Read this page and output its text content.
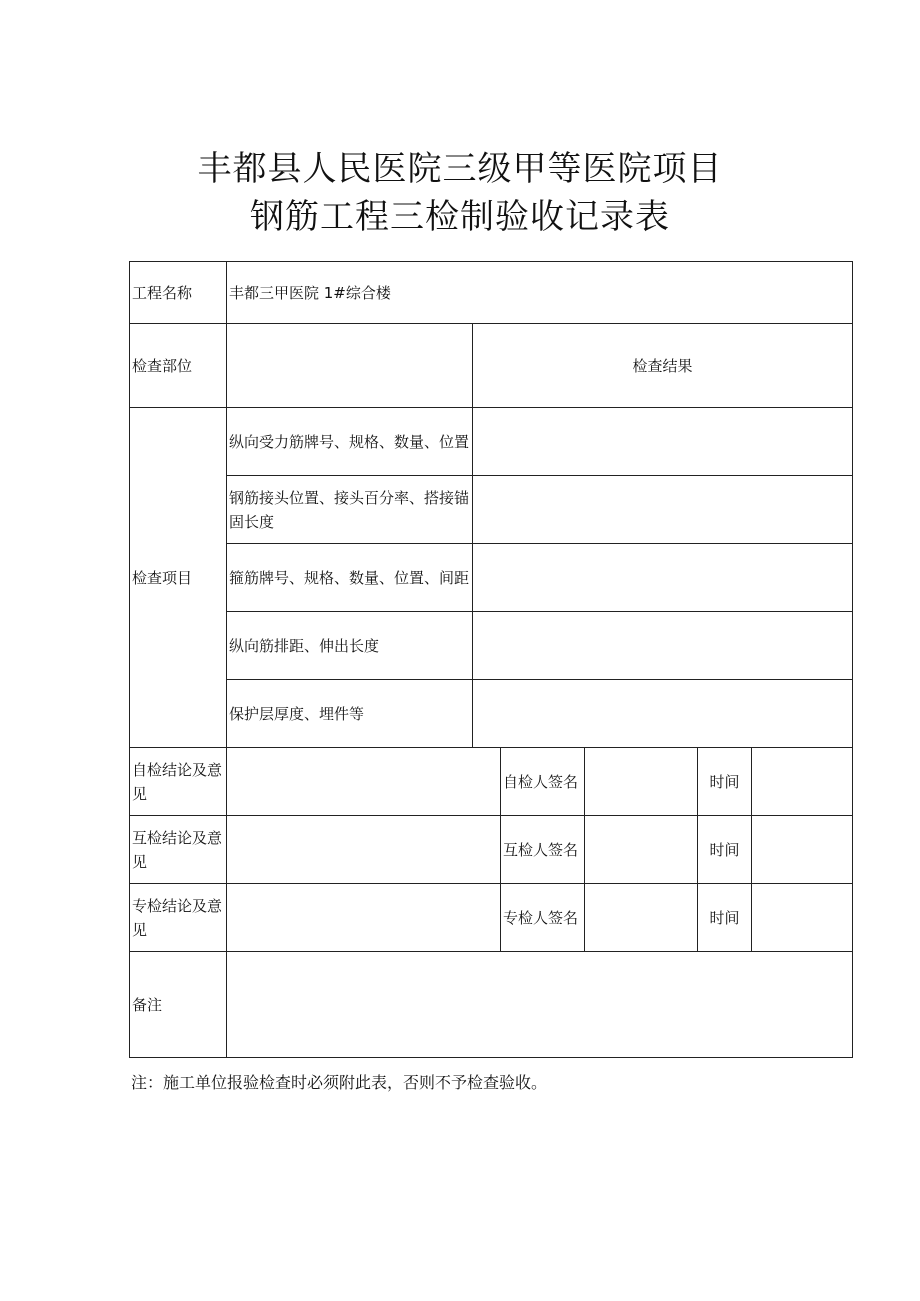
丰都县人民医院三级甲等医院项目
钢筋工程三检制验收记录表
工程名称	丰都三甲医院 1#综合楼					
检查部位		检查结果				
检查项目	纵向受力筋牌号、规格、数量、位置					
	钢筋接头位置、接头百分率、搭接锚固长度					
	箍筋牌号、规格、数量、位置、间距					
	纵向筋排距、伸出长度					
	保护层厚度、埋件等					
自检结论及意见			自检人签名		时间	
互检结论及意见			互检人签名		时间	
专检结论及意见			专检人签名		时间	
备注						

注：施工单位报验检查时必须附此表，否则不予检查验收。
